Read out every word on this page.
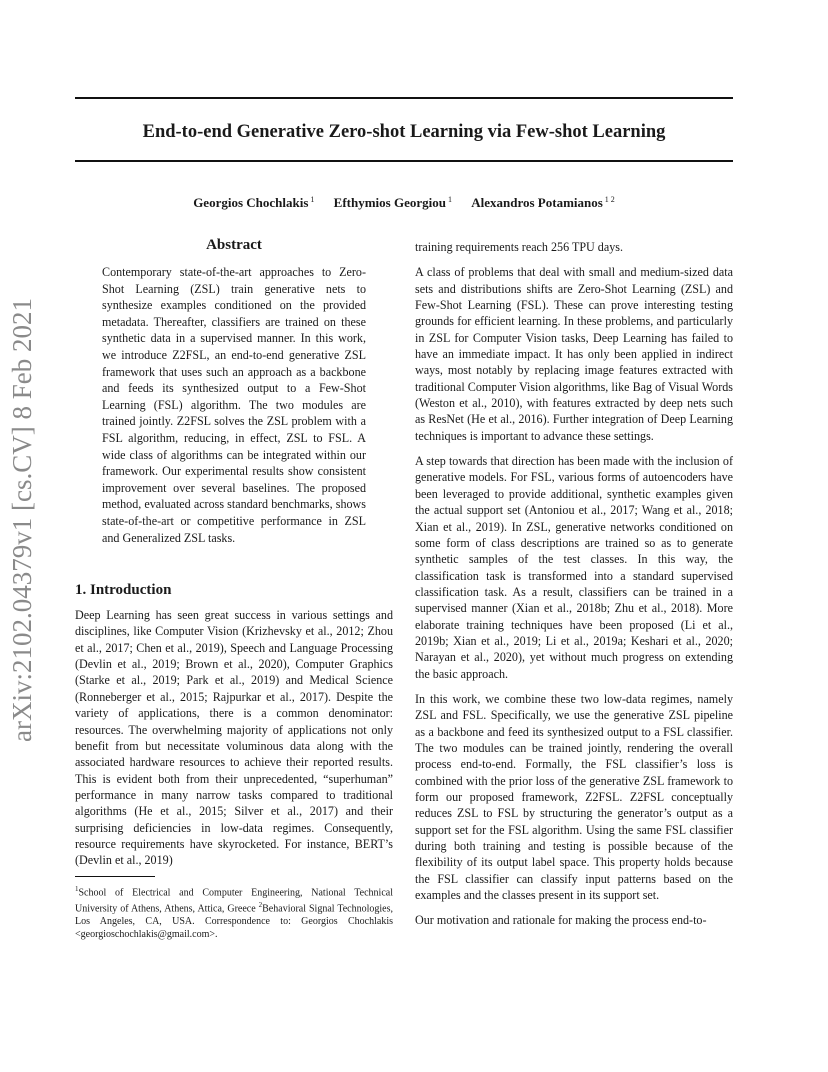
End-to-end Generative Zero-shot Learning via Few-shot Learning
Georgios Chochlakis $^1$ Efthymios Georgiou $^1$ Alexandros Potamianos $^{1 2}$
arXiv:2102.04379v1 [cs.CV] 8 Feb 2021
Abstract

Contemporary state-of-the-art approaches to Zero-Shot Learning (ZSL) train generative nets to synthesize examples conditioned on the provided metadata. Thereafter, classifiers are trained on these synthetic data in a supervised manner. In this work, we introduce Z2FSL, an end-to-end generative ZSL framework that uses such an approach as a backbone and feeds its synthesized output to a Few-Shot Learning (FSL) algorithm. The two modules are trained jointly. Z2FSL solves the ZSL problem with a FSL algorithm, reducing, in effect, ZSL to FSL. A wide class of algorithms can be integrated within our framework. Our experimental results show consistent improvement over several baselines. The proposed method, evaluated across standard benchmarks, shows state-of-the-art or competitive performance in ZSL and Generalized ZSL tasks.

1. Introduction

Deep Learning has seen great success in various settings and disciplines, like Computer Vision (Krizhevsky et al., 2012; Zhou et al., 2017; Chen et al., 2019), Speech and Language Processing (Devlin et al., 2019; Brown et al., 2020), Computer Graphics (Starke et al., 2019; Park et al., 2019) and Medical Science (Ronneberger et al., 2015; Rajpurkar et al., 2017). Despite the variety of applications, there is a common denominator: resources. The overwhelming majority of applications not only benefit from but necessitate voluminous data along with the associated hardware resources to achieve their reported results. This is evident both from their unprecedented, “superhuman” performance in many narrow tasks compared to traditional algorithms (He et al., 2015; Silver et al., 2017) and their surprising deficiencies in low-data regimes. Consequently, resource requirements have skyrocketed. For instance, BERT’s (Devlin et al., 2019)

$^1$School of Electrical and Computer Engineering, National Technical University of Athens, Athens, Attica, Greece $^2$Behavioral Signal Technologies, Los Angeles, CA, USA. Correspondence to: Georgios Chochlakis <georgioschochlakis@gmail.com>.

training requirements reach 256 TPU days.

A class of problems that deal with small and medium-sized data sets and distributions shifts are Zero-Shot Learning (ZSL) and Few-Shot Learning (FSL). These can prove interesting testing grounds for efficient learning. In these problems, and particularly in ZSL for Computer Vision tasks, Deep Learning has failed to have an immediate impact. It has only been applied in indirect ways, most notably by replacing image features extracted with traditional Computer Vision algorithms, like Bag of Visual Words (Weston et al., 2010), with features extracted by deep nets such as ResNet (He et al., 2016). Further integration of Deep Learning techniques is important to advance these settings.

A step towards that direction has been made with the inclusion of generative models. For FSL, various forms of autoencoders have been leveraged to provide additional, synthetic examples given the actual support set (Antoniou et al., 2017; Wang et al., 2018; Xian et al., 2019). In ZSL, generative networks conditioned on some form of class descriptions are trained so as to generate synthetic samples of the test classes. In this way, the classification task is transformed into a standard supervised classification task. As a result, classifiers can be trained in a supervised manner (Xian et al., 2018b; Zhu et al., 2018). More elaborate training techniques have been proposed (Li et al., 2019b; Xian et al., 2019; Li et al., 2019a; Keshari et al., 2020; Narayan et al., 2020), yet without much progress on extending the basic approach.

In this work, we combine these two low-data regimes, namely ZSL and FSL. Specifically, we use the generative ZSL pipeline as a backbone and feed its synthesized output to a FSL classifier. The two modules can be trained jointly, rendering the overall process end-to-end. Formally, the FSL classifier’s loss is combined with the prior loss of the generative ZSL framework to form our proposed framework, Z2FSL. Z2FSL conceptually reduces ZSL to FSL by structuring the generator’s output as a support set for the FSL algorithm. Using the same FSL classifier during both training and testing is possible because of the flexibility of its output label space. This property holds because the FSL classifier can classify input patterns based on the examples and the classes present in its support set.

Our motivation and rationale for making the process end-to-
